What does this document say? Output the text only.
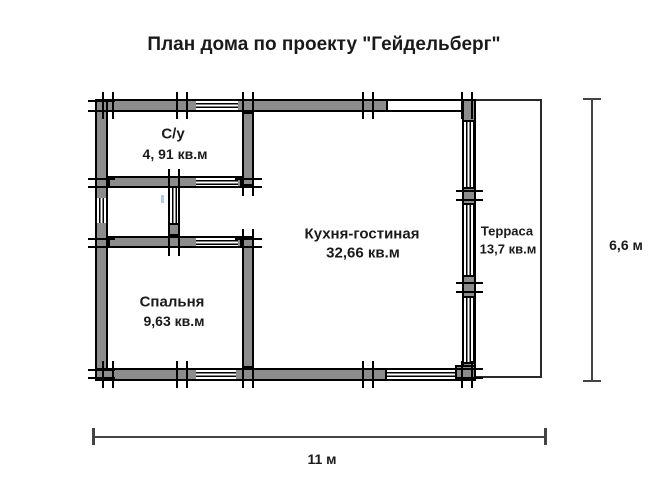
План дома по проекту "Гейдельберг"
С/у
4, 91 кв.м
Кухня-гостиная
32,66 кв.м
Терраса
13,7 кв.м
Спальня
9,63 кв.м
6,6 м
11 м
